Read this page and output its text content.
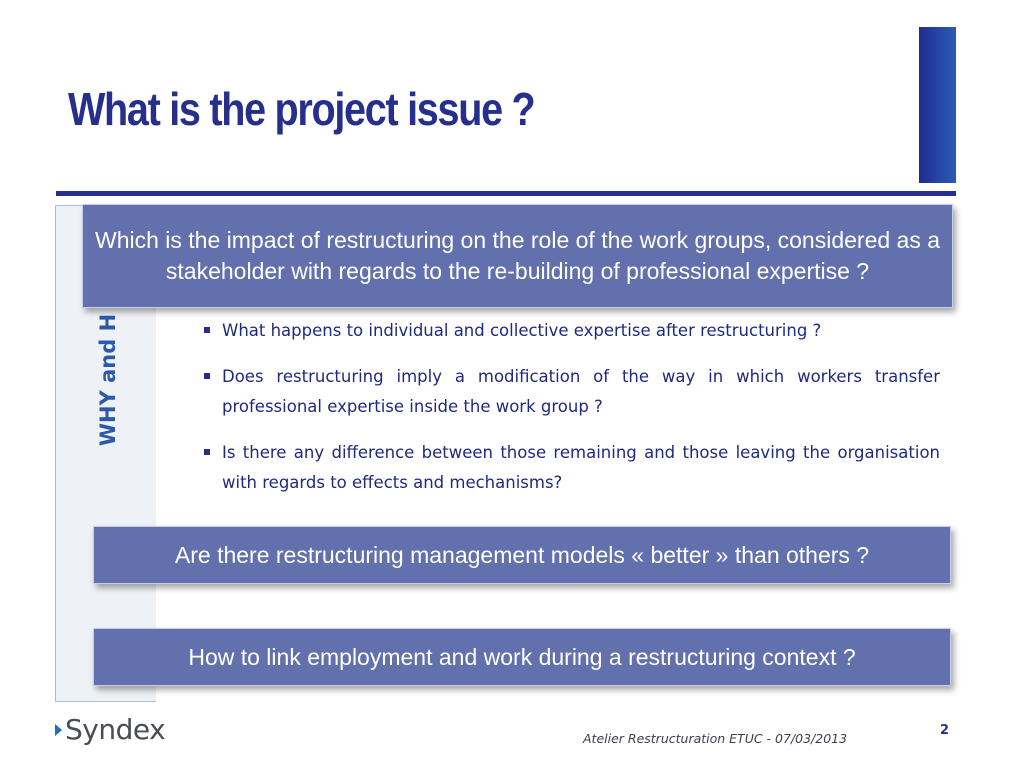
What is the project issue ?
WHY and H	What happens to individual and collective expertise after restructuring ?
Does restructuring imply a modification of the way in which workers transfer professional expertise inside the work group ?
Is there any difference between those remaining and those leaving the organisation with regards to effects and mechanisms?
Which is the impact of restructuring on the role of the work groups, considered as a stakeholder with regards to the re-building of professional expertise ?
Are there restructuring management models « better » than others ?
How to link employment and work during a restructuring context ?
Syndex	Atelier Restructuration ETUC - 07/03/2013
2
